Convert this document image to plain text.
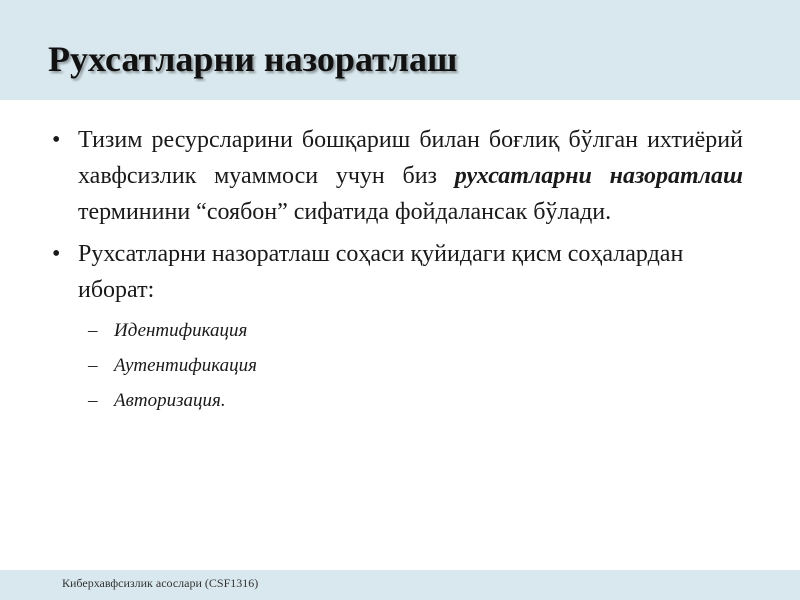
Рухсатларни назоратлаш
• Тизим ресурсларини бошқариш билан боғлиқ бўлган ихтиёрий хавфсизлик муаммоси учун биз рухсатларни назоратлаш терминини “соябон” сифатида фойдалансак бўлади.
• Рухсатларни назоратлаш соҳаси қуйидаги қисм соҳалардан иборат:
– Идентификация
– Аутентификация
– Авторизация.
Киберхавфсизлик асослари (CSF1316)
